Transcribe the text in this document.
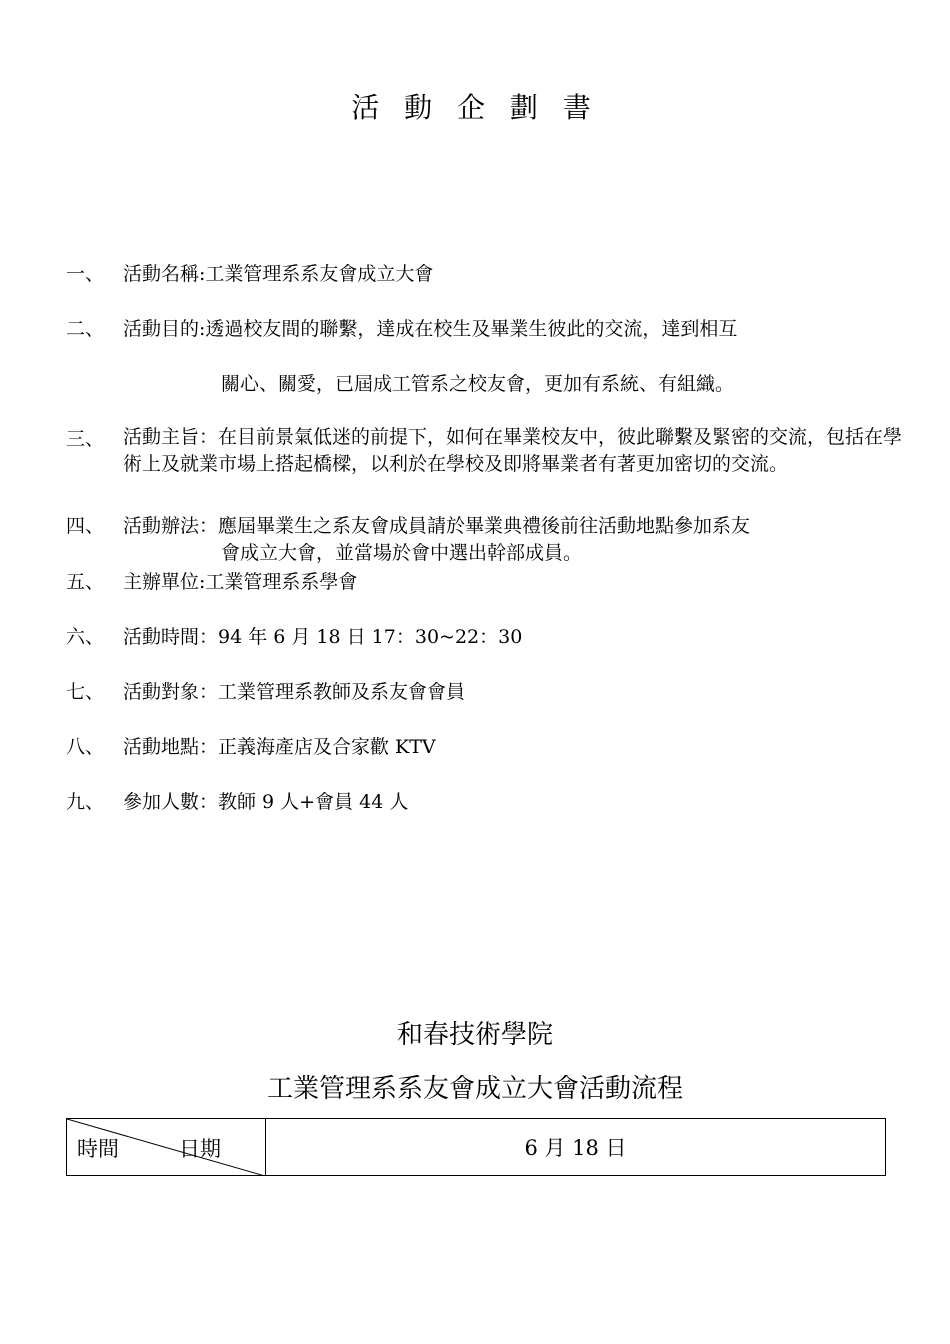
活 動 企 劃 書
一、 活動名稱:工業管理系系友會成立大會
二、 活動目的:透過校友間的聯繫，達成在校生及畢業生彼此的交流，達到相互
關心、關愛，已屆成工管系之校友會，更加有系統、有組織。
三、 活動主旨：在目前景氣低迷的前提下，如何在畢業校友中，彼此聯繫及緊密的交流，包括在學術上及就業市場上搭起橋樑，以利於在學校及即將畢業者有著更加密切的交流。
四、 活動辦法：應屆畢業生之系友會成員請於畢業典禮後前往活動地點參加系友
會成立大會，並當場於會中選出幹部成員。
五、 主辦單位:工業管理系系學會
六、 活動時間：94 年 6 月 18 日 17：30~22：30
七、 活動對象：工業管理系教師及系友會會員
八、 活動地點：正義海產店及合家歡 KTV
九、 參加人數：教師 9 人+會員 44 人
和春技術學院
工業管理系系友會成立大會活動流程
時間	日期	6 月 18 日
